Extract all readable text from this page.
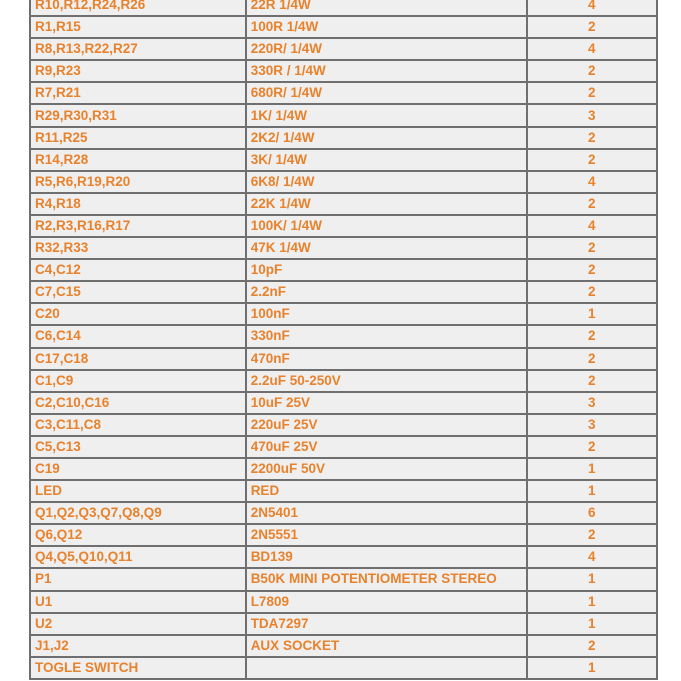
R10,R12,R24,R26	22R 1/4W	4
R1,R15	100R 1/4W	2
R8,R13,R22,R27	220R/ 1/4W	4
R9,R23	330R / 1/4W	2
R7,R21	680R/ 1/4W	2
R29,R30,R31	1K/ 1/4W	3
R11,R25	2K2/ 1/4W	2
R14,R28	3K/ 1/4W	2
R5,R6,R19,R20	6K8/ 1/4W	4
R4,R18	22K 1/4W	2
R2,R3,R16,R17	100K/ 1/4W	4
R32,R33	47K 1/4W	2
C4,C12	10pF	2
C7,C15	2.2nF	2
C20	100nF	1
C6,C14	330nF	2
C17,C18	470nF	2
C1,C9	2.2uF 50-250V	2
C2,C10,C16	10uF 25V	3
C3,C11,C8	220uF 25V	3
C5,C13	470uF 25V	2
C19	2200uF 50V	1
LED	RED	1
Q1,Q2,Q3,Q7,Q8,Q9	2N5401	6
Q6,Q12	2N5551	2
Q4,Q5,Q10,Q11	BD139	4
P1	B50K MINI POTENTIOMETER STEREO	1
U1	L7809	1
U2	TDA7297	1
J1,J2	AUX SOCKET	2
TOGLE SWITCH		1
